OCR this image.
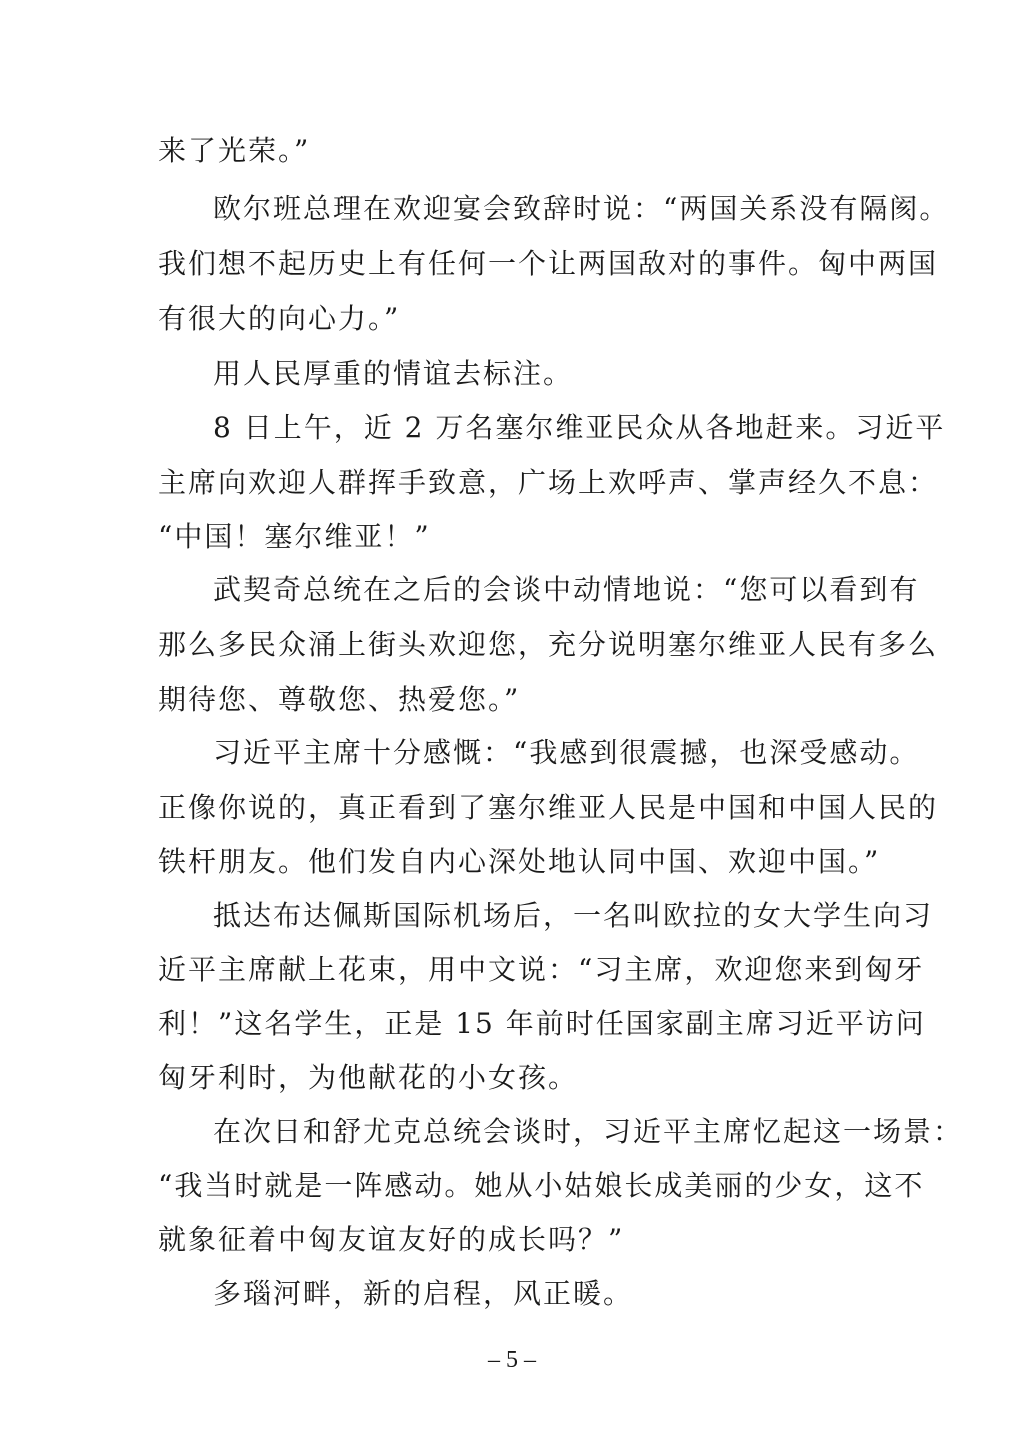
来了光荣。”
欧尔班总理在欢迎宴会致辞时说：“两国关系没有隔阂。
我们想不起历史上有任何一个让两国敌对的事件。匈中两国
有很大的向心力。”
用人民厚重的情谊去标注。
8 日上午，近 2 万名塞尔维亚民众从各地赶来。习近平
主席向欢迎人群挥手致意，广场上欢呼声、掌声经久不息：
“中国！塞尔维亚！”
武契奇总统在之后的会谈中动情地说：“您可以看到有
那么多民众涌上街头欢迎您，充分说明塞尔维亚人民有多么
期待您、尊敬您、热爱您。”
习近平主席十分感慨：“我感到很震撼，也深受感动。
正像你说的，真正看到了塞尔维亚人民是中国和中国人民的
铁杆朋友。他们发自内心深处地认同中国、欢迎中国。”
抵达布达佩斯国际机场后，一名叫欧拉的女大学生向习
近平主席献上花束，用中文说：“习主席，欢迎您来到匈牙
利！”这名学生，正是 15 年前时任国家副主席习近平访问
匈牙利时，为他献花的小女孩。
在次日和舒尤克总统会谈时，习近平主席忆起这一场景：
“我当时就是一阵感动。她从小姑娘长成美丽的少女，这不
就象征着中匈友谊友好的成长吗？”
多瑙河畔，新的启程，风正暖。
– 5 –
